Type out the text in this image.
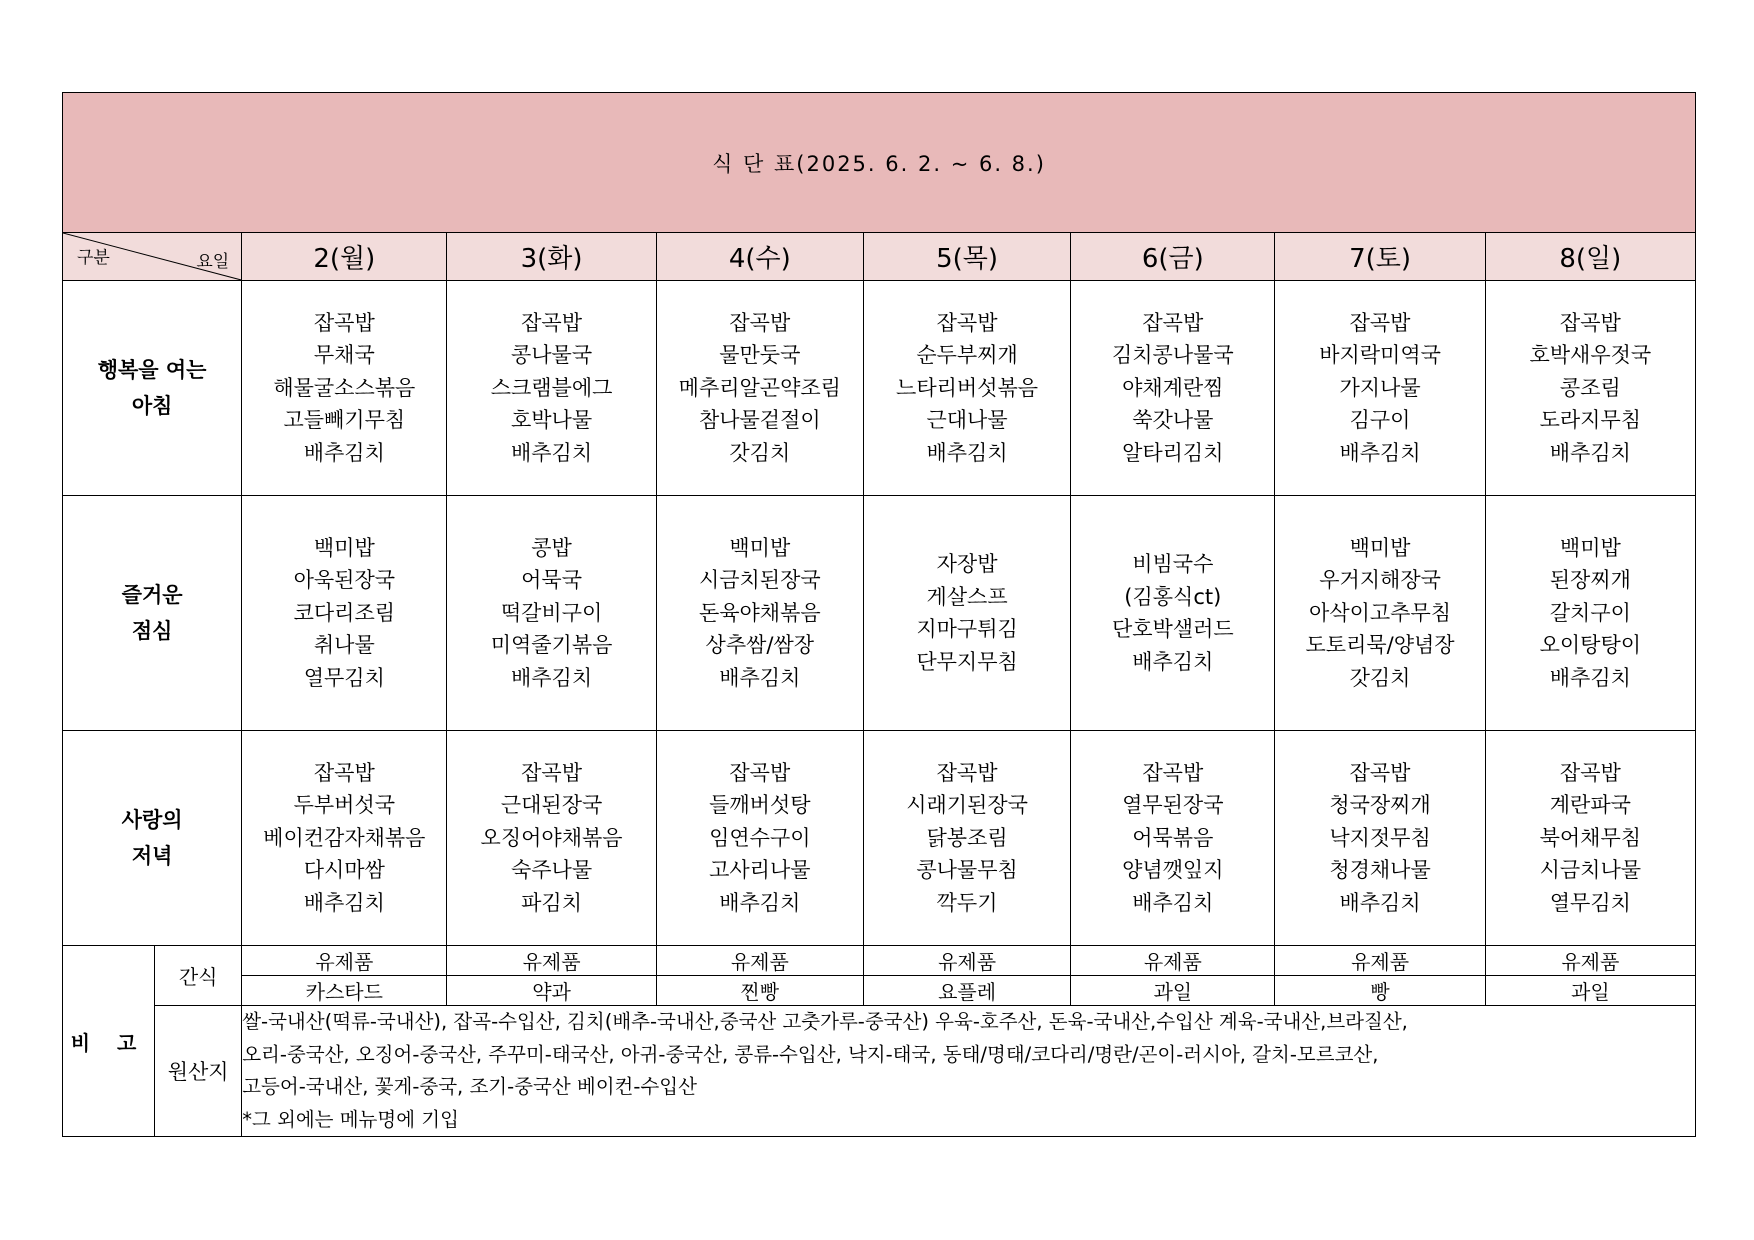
식 단 표(2025. 6. 2. ~ 6. 8.)								

구분 요일		2(월)	3(화)	4(수)	5(목)	6(금)	7(토)	8(일)

행복을 여는
아침		잡곡밥
무채국
해물굴소스볶음
고들빼기무침
배추김치	잡곡밥
콩나물국
스크램블에그
호박나물
배추김치	잡곡밥
물만둣국
메추리알곤약조림
참나물겉절이
갓김치	잡곡밥
순두부찌개
느타리버섯볶음
근대나물
배추김치	잡곡밥
김치콩나물국
야채계란찜
쑥갓나물
알타리김치	잡곡밥
바지락미역국
가지나물
김구이
배추김치	잡곡밥
호박새우젓국
콩조림
도라지무침
배추김치

즐거운
점심		백미밥
아욱된장국
코다리조림
취나물
열무김치	콩밥
어묵국
떡갈비구이
미역줄기볶음
배추김치	백미밥
시금치된장국
돈육야채볶음
상추쌈/쌈장
배추김치	자장밥
게살스프
지마구튀김
단무지무침	비빔국수
(김홍식ct)
단호박샐러드
배추김치	백미밥
우거지해장국
아삭이고추무침
도토리묵/양념장
갓김치	백미밥
된장찌개
갈치구이
오이탕탕이
배추김치

사랑의
저녁		잡곡밥
두부버섯국
베이컨감자채볶음
다시마쌈
배추김치	잡곡밥
근대된장국
오징어야채볶음
숙주나물
파김치	잡곡밥
들깨버섯탕
임연수구이
고사리나물
배추김치	잡곡밥
시래기된장국
닭봉조림
콩나물무침
깍두기	잡곡밥
열무된장국
어묵볶음
양념깻잎지
배추김치	잡곡밥
청국장찌개
낙지젓무침
청경채나물
배추김치	잡곡밥
계란파국
북어채무침
시금치나물
열무김치

비 고	간식	유제품	유제품	유제품	유제품	유제품	유제품	유제품
		카스타드	약과	찐빵	요플레	과일	빵	과일
	원산지	쌀-국내산(떡류-국내산), 잡곡-수입산, 김치(배추-국내산,중국산 고춧가루-중국산) 우육-호주산, 돈육-국내산,수입산 계육-국내산,브라질산,
오리-중국산, 오징어-중국산, 주꾸미-태국산, 아귀-중국산, 콩류-수입산, 낙지-태국, 동태/명태/코다리/명란/곤이-러시아, 갈치-모르코산,
고등어-국내산, 꽃게-중국, 조기-중국산 베이컨-수입산
*그 외에는 메뉴명에 기입						
